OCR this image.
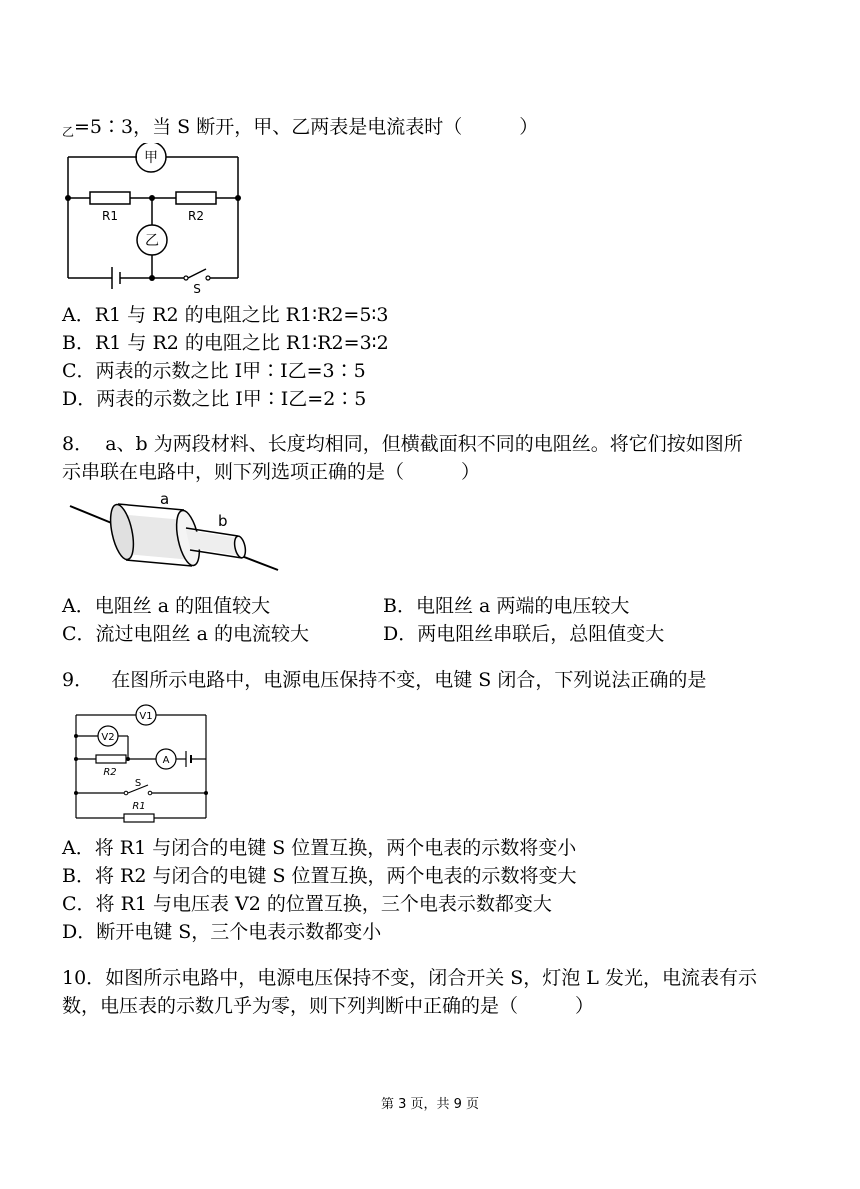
$_乙$=5∶3，当 S 断开，甲、乙两表是电流表时（　　　）
甲
乙
R1	R2
S
A．R1 与 R2 的电阻之比 R1∶R2=5∶3
B．R1 与 R2 的电阻之比 R1∶R2=3∶2
C．两表的示数之比 I甲∶I乙=3∶5
D．两表的示数之比 I甲∶I乙=2∶5
8． a、b 为两段材料、长度均相同，但横截面积不同的电阻丝。将它们按如图所
示串联在电路中，则下列选项正确的是（　　　）
a
b
A．电阻丝 a 的阻值较大	B．电阻丝 a 两端的电压较大
C．流过电阻丝 a 的电流较大	D．两电阻丝串联后，总阻值变大
9． 在图所示电路中，电源电压保持不变，电键 S 闭合，下列说法正确的是
V1
V2
A
R2
S
R1
A．将 R1 与闭合的电键 S 位置互换，两个电表的示数将变小
B．将 R2 与闭合的电键 S 位置互换，两个电表的示数将变大
C．将 R1 与电压表 V2 的位置互换，三个电表示数都变大
D．断开电键 S，三个电表示数都变小
10．如图所示电路中，电源电压保持不变，闭合开关 S，灯泡 L 发光，电流表有示
数，电压表的示数几乎为零，则下列判断中正确的是（　　　）
第 3 页，共 9 页
